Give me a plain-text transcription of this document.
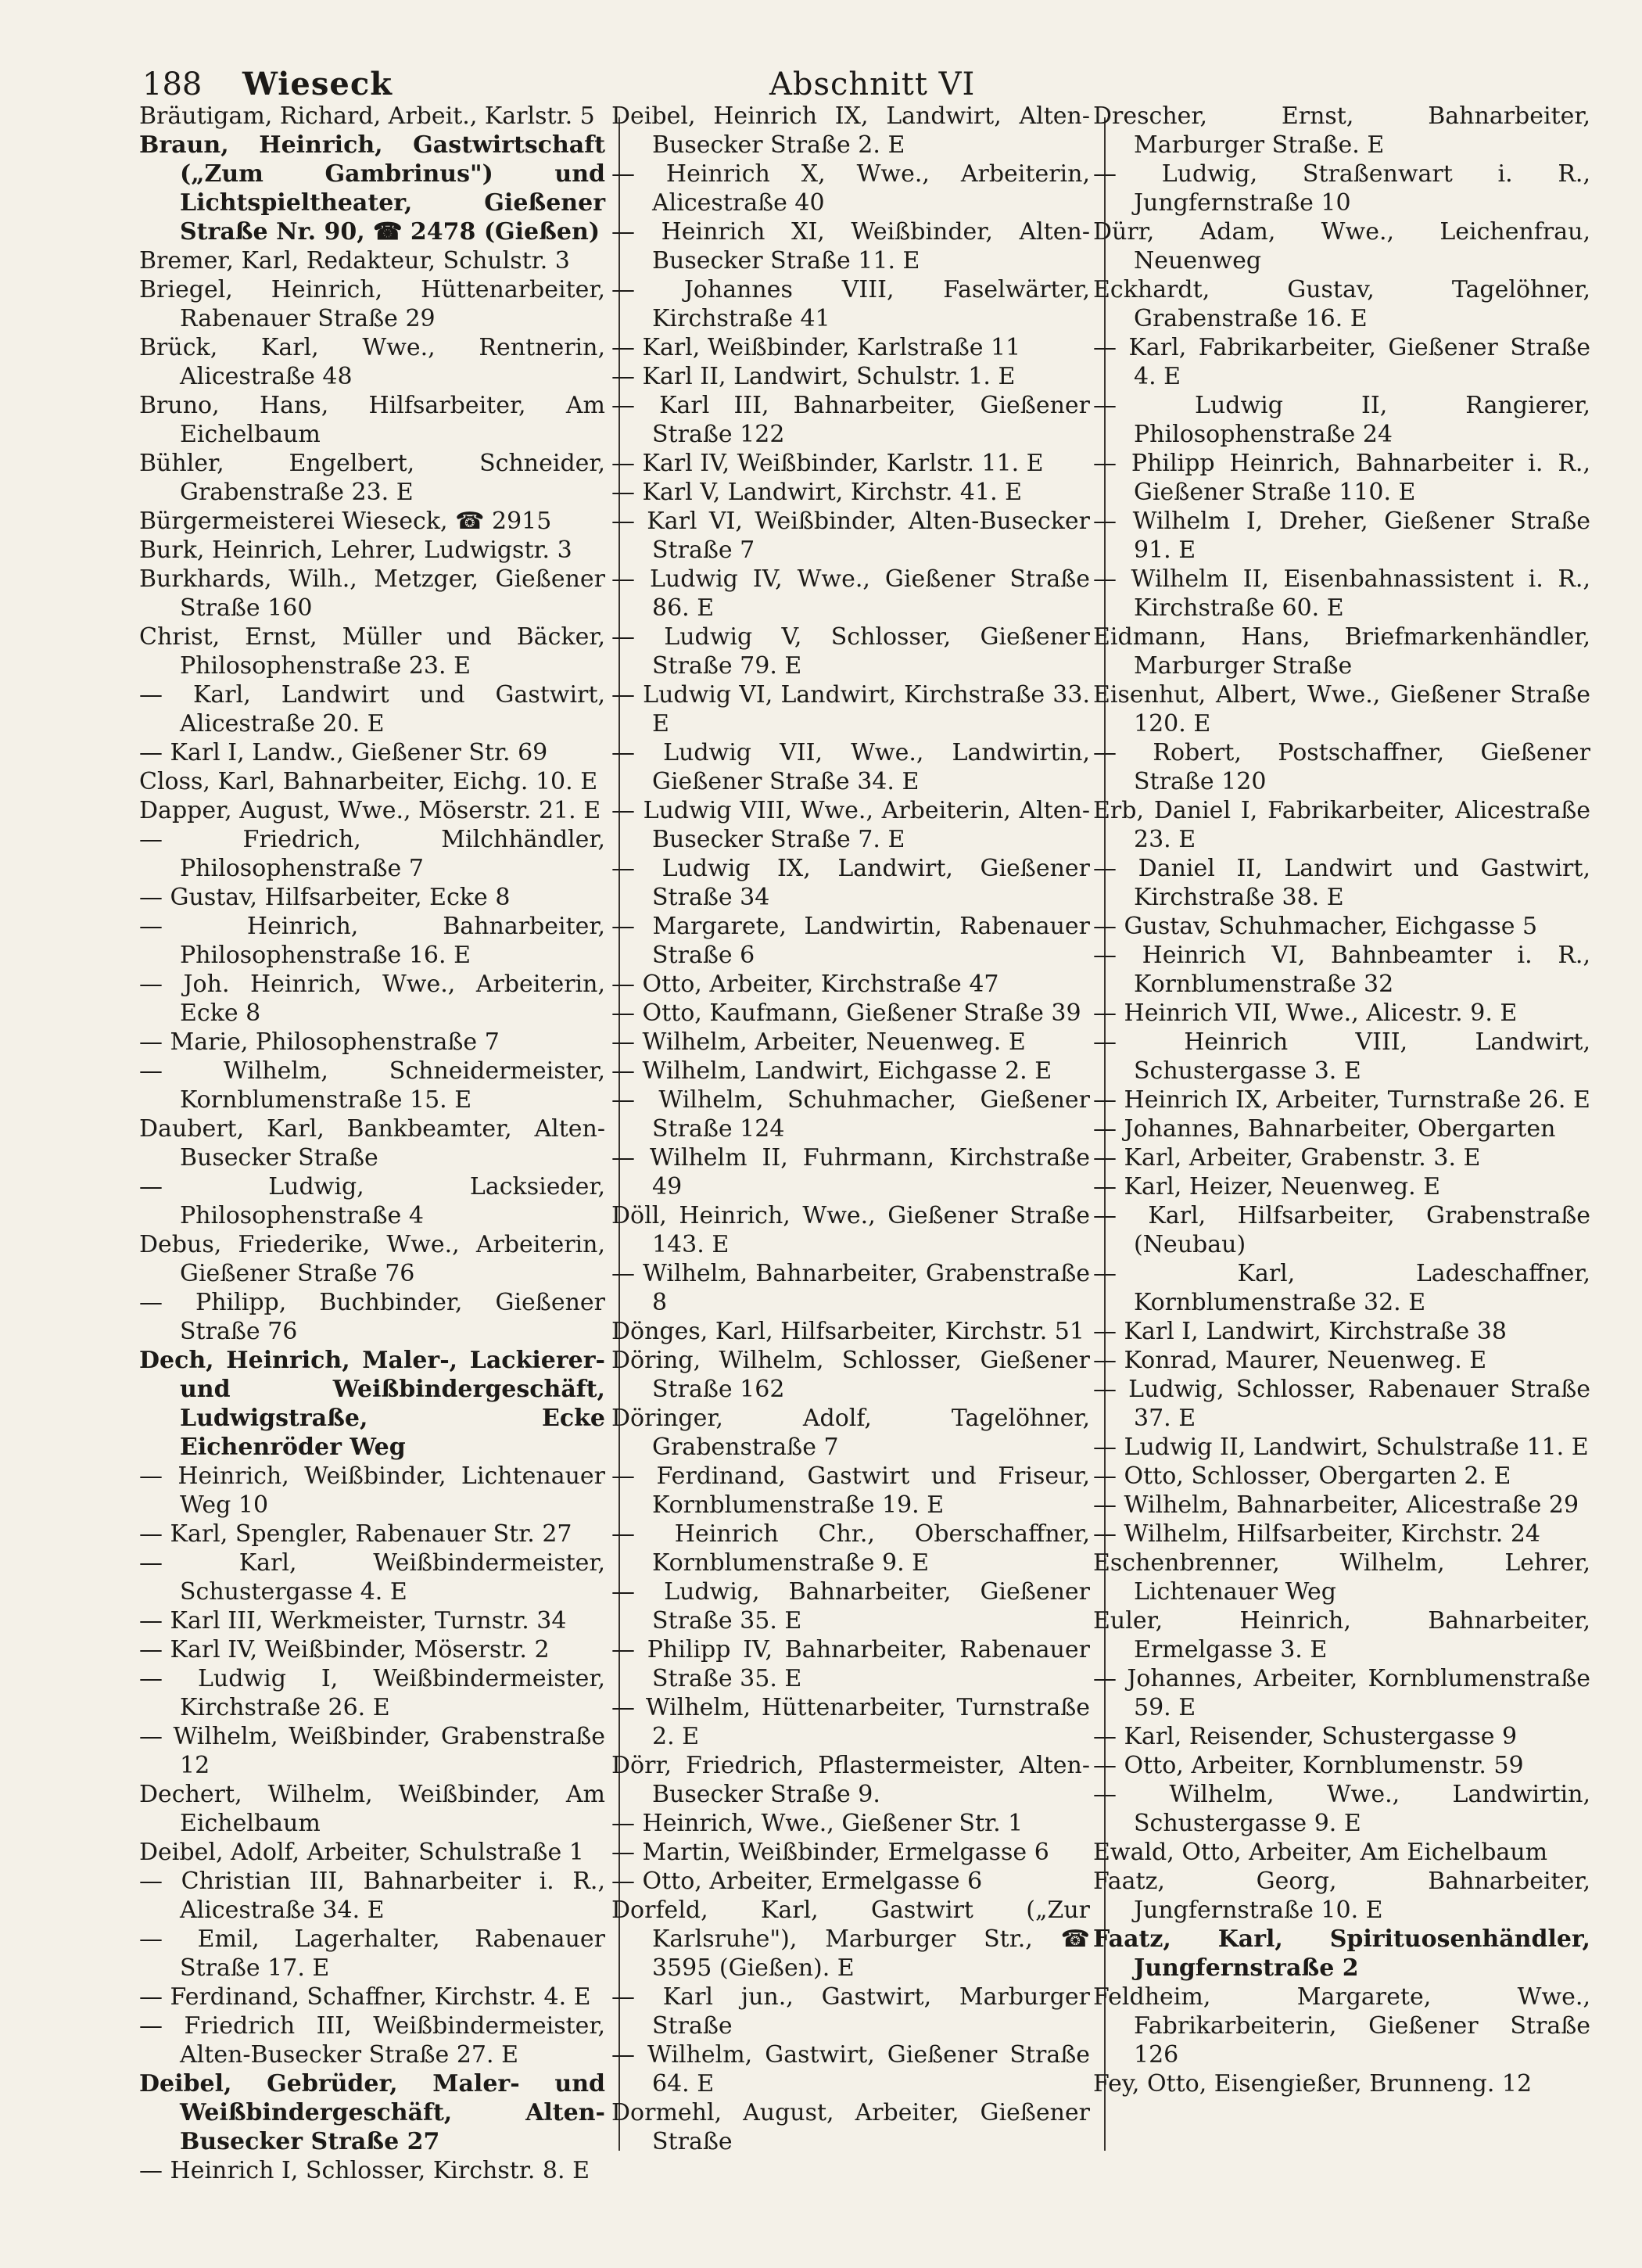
188 Wieseck	Abschnitt VI
Bräutigam, Richard, Arbeit., Karlstr. 5
Braun, Heinrich, Gastwirtschaft („Zum Gambrinus") und Lichtspieltheater, Gießener Straße Nr. 90, ☎ 2478 (Gießen)
Bremer, Karl, Redakteur, Schulstr. 3
Briegel, Heinrich, Hüttenarbeiter, Rabenauer Straße 29
Brück, Karl, Wwe., Rentnerin, Alicestraße 48
Bruno, Hans, Hilfsarbeiter, Am Eichelbaum
Bühler, Engelbert, Schneider, Grabenstraße 23. E
Bürgermeisterei Wieseck, ☎ 2915
Burk, Heinrich, Lehrer, Ludwigstr. 3
Burkhards, Wilh., Metzger, Gießener Straße 160
Christ, Ernst, Müller und Bäcker, Philosophenstraße 23. E
— Karl, Landwirt und Gastwirt, Alicestraße 20. E
— Karl I, Landw., Gießener Str. 69
Closs, Karl, Bahnarbeiter, Eichg. 10. E
Dapper, August, Wwe., Möserstr. 21. E
— Friedrich, Milchhändler, Philosophenstraße 7
— Gustav, Hilfsarbeiter, Ecke 8
— Heinrich, Bahnarbeiter, Philosophenstraße 16. E
— Joh. Heinrich, Wwe., Arbeiterin, Ecke 8
— Marie, Philosophenstraße 7
— Wilhelm, Schneidermeister, Kornblumenstraße 15. E
Daubert, Karl, Bankbeamter, Alten-Busecker Straße
— Ludwig, Lacksieder, Philosophenstraße 4
Debus, Friederike, Wwe., Arbeiterin, Gießener Straße 76
— Philipp, Buchbinder, Gießener Straße 76
Dech, Heinrich, Maler-, Lackierer- und Weißbindergeschäft, Ludwigstraße, Ecke Eichenröder Weg
— Heinrich, Weißbinder, Lichtenauer Weg 10
— Karl, Spengler, Rabenauer Str. 27
— Karl, Weißbindermeister, Schustergasse 4. E
— Karl III, Werkmeister, Turnstr. 34
— Karl IV, Weißbinder, Möserstr. 2
— Ludwig I, Weißbindermeister, Kirchstraße 26. E
— Wilhelm, Weißbinder, Grabenstraße 12
Dechert, Wilhelm, Weißbinder, Am Eichelbaum
Deibel, Adolf, Arbeiter, Schulstraße 1
— Christian III, Bahnarbeiter i. R., Alicestraße 34. E
— Emil, Lagerhalter, Rabenauer Straße 17. E
— Ferdinand, Schaffner, Kirchstr. 4. E
— Friedrich III, Weißbindermeister, Alten-Busecker Straße 27. E
Deibel, Gebrüder, Maler- und Weißbindergeschäft, Alten-Busecker Straße 27
— Heinrich I, Schlosser, Kirchstr. 8. E
Deibel, Heinrich IX, Landwirt, Alten-Busecker Straße 2. E
— Heinrich X, Wwe., Arbeiterin, Alicestraße 40
— Heinrich XI, Weißbinder, Alten-Busecker Straße 11. E
— Johannes VIII, Faselwärter, Kirchstraße 41
— Karl, Weißbinder, Karlstraße 11
— Karl II, Landwirt, Schulstr. 1. E
— Karl III, Bahnarbeiter, Gießener Straße 122
— Karl IV, Weißbinder, Karlstr. 11. E
— Karl V, Landwirt, Kirchstr. 41. E
— Karl VI, Weißbinder, Alten-Busecker Straße 7
— Ludwig IV, Wwe., Gießener Straße 86. E
— Ludwig V, Schlosser, Gießener Straße 79. E
— Ludwig VI, Landwirt, Kirchstraße 33. E
— Ludwig VII, Wwe., Landwirtin, Gießener Straße 34. E
— Ludwig VIII, Wwe., Arbeiterin, Alten-Busecker Straße 7. E
— Ludwig IX, Landwirt, Gießener Straße 34
— Margarete, Landwirtin, Rabenauer Straße 6
— Otto, Arbeiter, Kirchstraße 47
— Otto, Kaufmann, Gießener Straße 39
— Wilhelm, Arbeiter, Neuenweg. E
— Wilhelm, Landwirt, Eichgasse 2. E
— Wilhelm, Schuhmacher, Gießener Straße 124
— Wilhelm II, Fuhrmann, Kirchstraße 49
Döll, Heinrich, Wwe., Gießener Straße 143. E
— Wilhelm, Bahnarbeiter, Grabenstraße 8
Dönges, Karl, Hilfsarbeiter, Kirchstr. 51
Döring, Wilhelm, Schlosser, Gießener Straße 162
Döringer, Adolf, Tagelöhner, Grabenstraße 7
— Ferdinand, Gastwirt und Friseur, Kornblumenstraße 19. E
— Heinrich Chr., Oberschaffner, Kornblumenstraße 9. E
— Ludwig, Bahnarbeiter, Gießener Straße 35. E
— Philipp IV, Bahnarbeiter, Rabenauer Straße 35. E
— Wilhelm, Hüttenarbeiter, Turnstraße 2. E
Dörr, Friedrich, Pflastermeister, Alten-Busecker Straße 9.
— Heinrich, Wwe., Gießener Str. 1
— Martin, Weißbinder, Ermelgasse 6
— Otto, Arbeiter, Ermelgasse 6
Dorfeld, Karl, Gastwirt („Zur Karlsruhe"), Marburger Str., ☎ 3595 (Gießen). E
— Karl jun., Gastwirt, Marburger Straße
— Wilhelm, Gastwirt, Gießener Straße 64. E
Dormehl, August, Arbeiter, Gießener Straße
Drescher, Ernst, Bahnarbeiter, Marburger Straße. E
— Ludwig, Straßenwart i. R., Jungfernstraße 10
Dürr, Adam, Wwe., Leichenfrau, Neuenweg
Eckhardt, Gustav, Tagelöhner, Grabenstraße 16. E
— Karl, Fabrikarbeiter, Gießener Straße 4. E
— Ludwig II, Rangierer, Philosophenstraße 24
— Philipp Heinrich, Bahnarbeiter i. R., Gießener Straße 110. E
— Wilhelm I, Dreher, Gießener Straße 91. E
— Wilhelm II, Eisenbahnassistent i. R., Kirchstraße 60. E
Eidmann, Hans, Briefmarkenhändler, Marburger Straße
Eisenhut, Albert, Wwe., Gießener Straße 120. E
— Robert, Postschaffner, Gießener Straße 120
Erb, Daniel I, Fabrikarbeiter, Alicestraße 23. E
— Daniel II, Landwirt und Gastwirt, Kirchstraße 38. E
— Gustav, Schuhmacher, Eichgasse 5
— Heinrich VI, Bahnbeamter i. R., Kornblumenstraße 32
— Heinrich VII, Wwe., Alicestr. 9. E
— Heinrich VIII, Landwirt, Schustergasse 3. E
— Heinrich IX, Arbeiter, Turnstraße 26. E
— Johannes, Bahnarbeiter, Obergarten
— Karl, Arbeiter, Grabenstr. 3. E
— Karl, Heizer, Neuenweg. E
— Karl, Hilfsarbeiter, Grabenstraße (Neubau)
— Karl, Ladeschaffner, Kornblumenstraße 32. E
— Karl I, Landwirt, Kirchstraße 38
— Konrad, Maurer, Neuenweg. E
— Ludwig, Schlosser, Rabenauer Straße 37. E
— Ludwig II, Landwirt, Schulstraße 11. E
— Otto, Schlosser, Obergarten 2. E
— Wilhelm, Bahnarbeiter, Alicestraße 29
— Wilhelm, Hilfsarbeiter, Kirchstr. 24
Eschenbrenner, Wilhelm, Lehrer, Lichtenauer Weg
Euler, Heinrich, Bahnarbeiter, Ermelgasse 3. E
— Johannes, Arbeiter, Kornblumenstraße 59. E
— Karl, Reisender, Schustergasse 9
— Otto, Arbeiter, Kornblumenstr. 59
— Wilhelm, Wwe., Landwirtin, Schustergasse 9. E
Ewald, Otto, Arbeiter, Am Eichelbaum
Faatz, Georg, Bahnarbeiter, Jungfernstraße 10. E
Faatz, Karl, Spirituosenhändler, Jungfernstraße 2
Feldheim, Margarete, Wwe., Fabrikarbeiterin, Gießener Straße 126
Fey, Otto, Eisengießer, Brunneng. 12
